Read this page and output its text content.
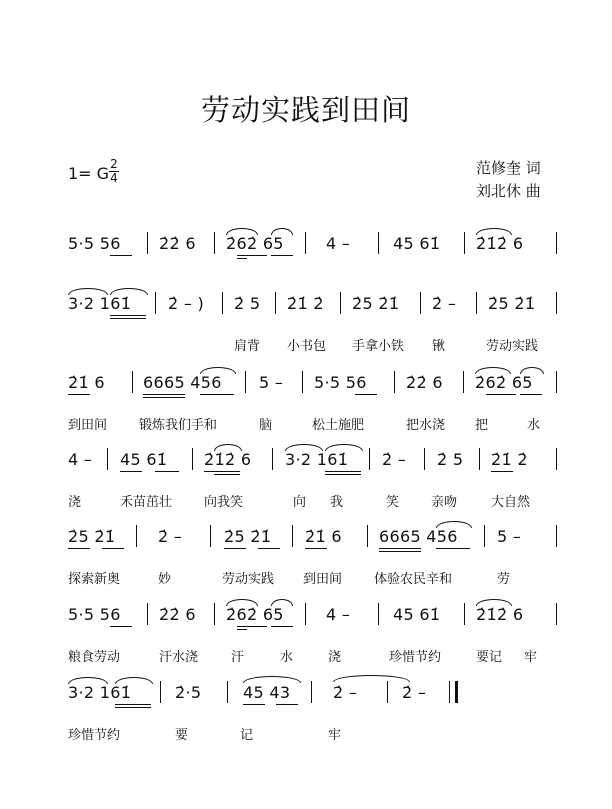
劳动实践到田间
1= G 2
4
范修奎 词
刘北休 曲
5·5 56 2̇2̇ 6 2̇62̇ 65	4 –	45 61̇ 2̇1̇2̇ 6
3·2 161̇ 2̇ – ) 2̇ 5 2̇1̇ 2̇ 2̇5 2̇1̇ 2̇ – 2̇5 2̇1̇
肩背 小书包 手拿小铁 锹	劳动实践
2̇1̇ 6 6665 456 5 – 5·5 56 2̇2̇ 6 2̇62̇ 65
到田间 锻炼我们手和	脑	松土施肥	把水浇 把	水
4 – 45 61̇ 2̇1̇2̇ 6 3·2 161̇ 2̇ – 2̇ 5 2̇1̇ 2̇
浇	禾苗茁壮 向我笑	向 我	笑 亲吻	大自然
2̇5 2̇1̇	2̇ –	2̇5 2̇1̇ 2̇1̇ 6 6665 456 5 –
探索新奥	妙	劳动实践 到田间 体验农民辛和	劳
5·5 56 2̇2̇ 6 2̇62̇ 65	4 –	45 61̇ 2̇1̇2̇ 6
粮食劳动	汗水浇	汗	水	浇	珍惜节约	要记 牢
3·2 161̇	2̇·5	45 43	2̇ –	2̇ –
珍惜节约	要	记	牢
